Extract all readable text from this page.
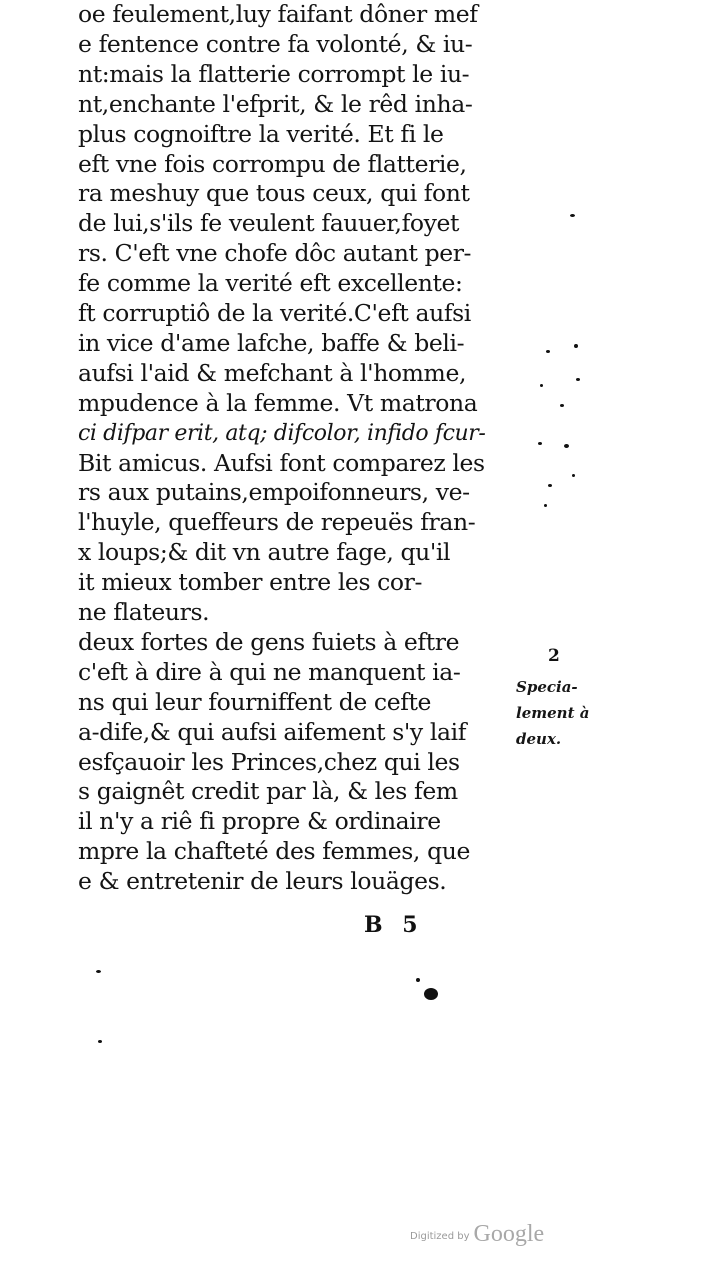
oe feulement,luy faifant dôner mef
e fentence contre fa volonté, & iu-
nt:mais la flatterie corrompt le iu-
nt,enchante l'efprit, & le rêd inha-
plus cognoiftre la verité. Et fi le
eft vne fois corrompu de flatterie,
ra meshuy que tous ceux, qui font
de lui,s'ils fe veulent fauuer,foyet
rs. C'eft vne chofe dôc autant per-
fe comme la verité eft excellente:
ft corruptiô de la verité.C'eft aufsi
in vice d'ame lafche, baffe & beli-
aufsi l'aid & mefchant à l'homme,
mpudence à la femme. Vt matrona
ci difpar erit, atq; difcolor, infido fcur-
Bit amicus. Aufsi font comparez les
rs aux putains,empoifonneurs, ve-
l'huyle, queffeurs de repeuës fran-
x loups;& dit vn autre fage, qu'il
it mieux tomber entre les cor-
ne flateurs.
deux fortes de gens fuiets à eftre
c'eft à dire à qui ne manquent ia-
ns qui leur fourniffent de cefte
a-dife,& qui aufsi aifement s'y laif
esfçauoir les Princes,chez qui les
s gaignêt credit par là, & les fem
il n'y a riê fi propre & ordinaire
mpre la chafteté des femmes, que
e & entretenir de leurs louäges.
2
Specia-
lement à
deux.
B 5
Digitized by Google
